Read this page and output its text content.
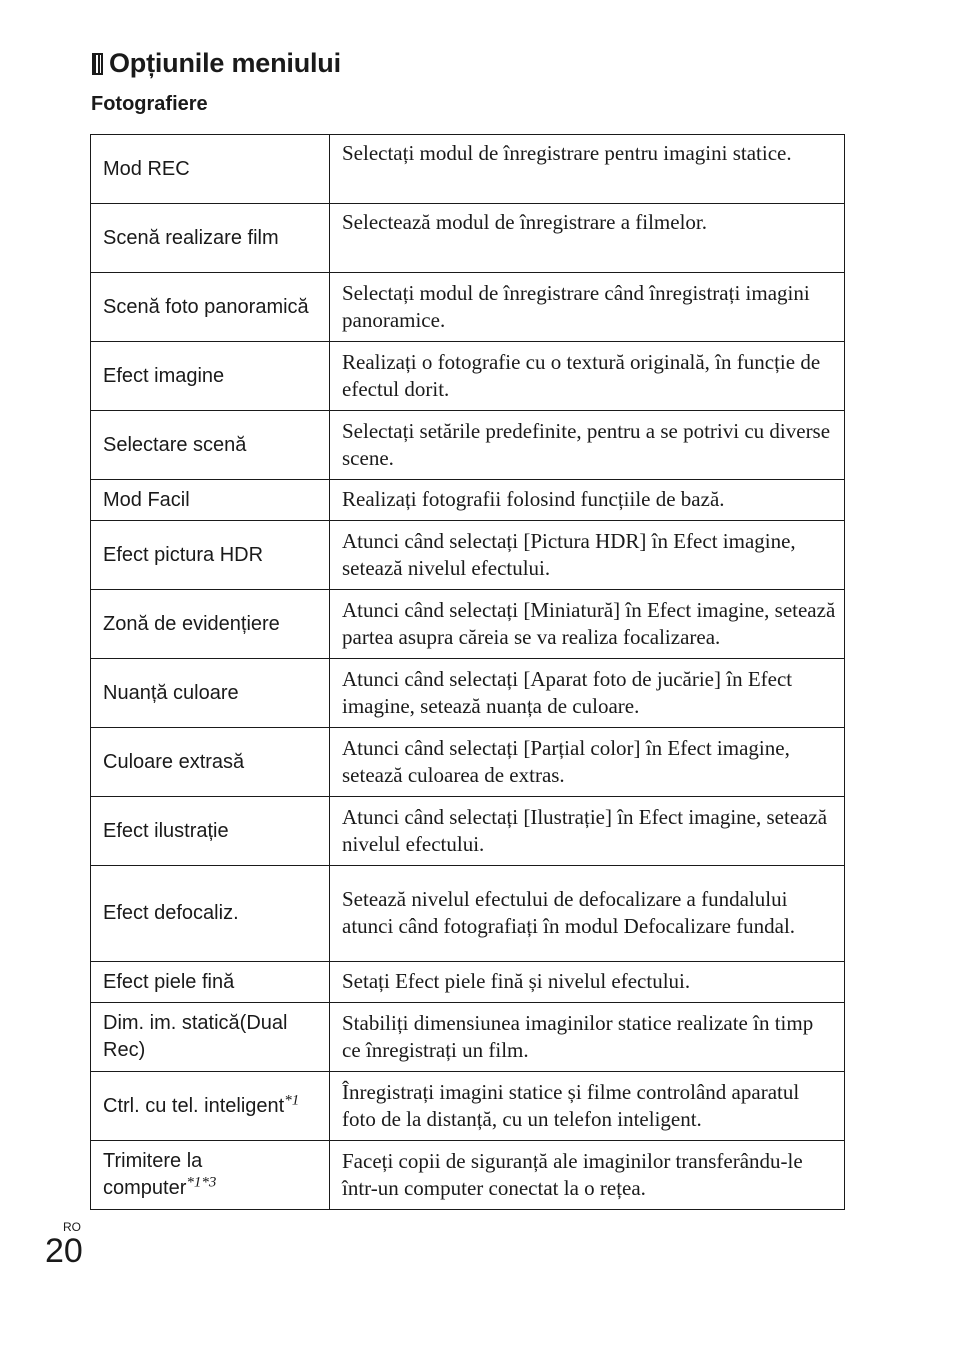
Opțiunile meniului
Fotografiere
Mod REC	Selectați modul de înregistrare pentru imagini statice.
Scenă realizare film	Selectează modul de înregistrare a filmelor.
Scenă foto panoramică	Selectați modul de înregistrare când înregistrați imagini panoramice.
Efect imagine	Realizați o fotografie cu o textură originală, în funcție de efectul dorit.
Selectare scenă	Selectați setările predefinite, pentru a se potrivi cu diverse scene.
Mod Facil	Realizați fotografii folosind funcțiile de bază.
Efect pictura HDR	Atunci când selectați [Pictura HDR] în Efect imagine, setează nivelul efectului.
Zonă de evidențiere	Atunci când selectați [Miniatură] în Efect imagine, setează partea asupra căreia se va realiza focalizarea.
Nuanță culoare	Atunci când selectați [Aparat foto de jucărie] în Efect imagine, setează nuanța de culoare.
Culoare extrasă	Atunci când selectați [Parțial color] în Efect imagine, setează culoarea de extras.
Efect ilustrație	Atunci când selectați [Ilustrație] în Efect imagine, setează nivelul efectului.
Efect defocaliz.	Setează nivelul efectului de defocalizare a fundalului atunci când fotografiați în modul Defocalizare fundal.
Efect piele fină	Setați Efect piele fină și nivelul efectului.
Dim. im. statică(Dual Rec)	Stabiliți dimensiunea imaginilor statice realizate în timp ce înregistrați un film.
Ctrl. cu tel. inteligent$^{*1}$	Înregistrați imagini statice și filme controlând aparatul foto de la distanță, cu un telefon inteligent.
Trimitere la computer$^{*1*3}$	Faceți copii de siguranță ale imaginilor transferându-le într-un computer conectat la o rețea.
RO
20
